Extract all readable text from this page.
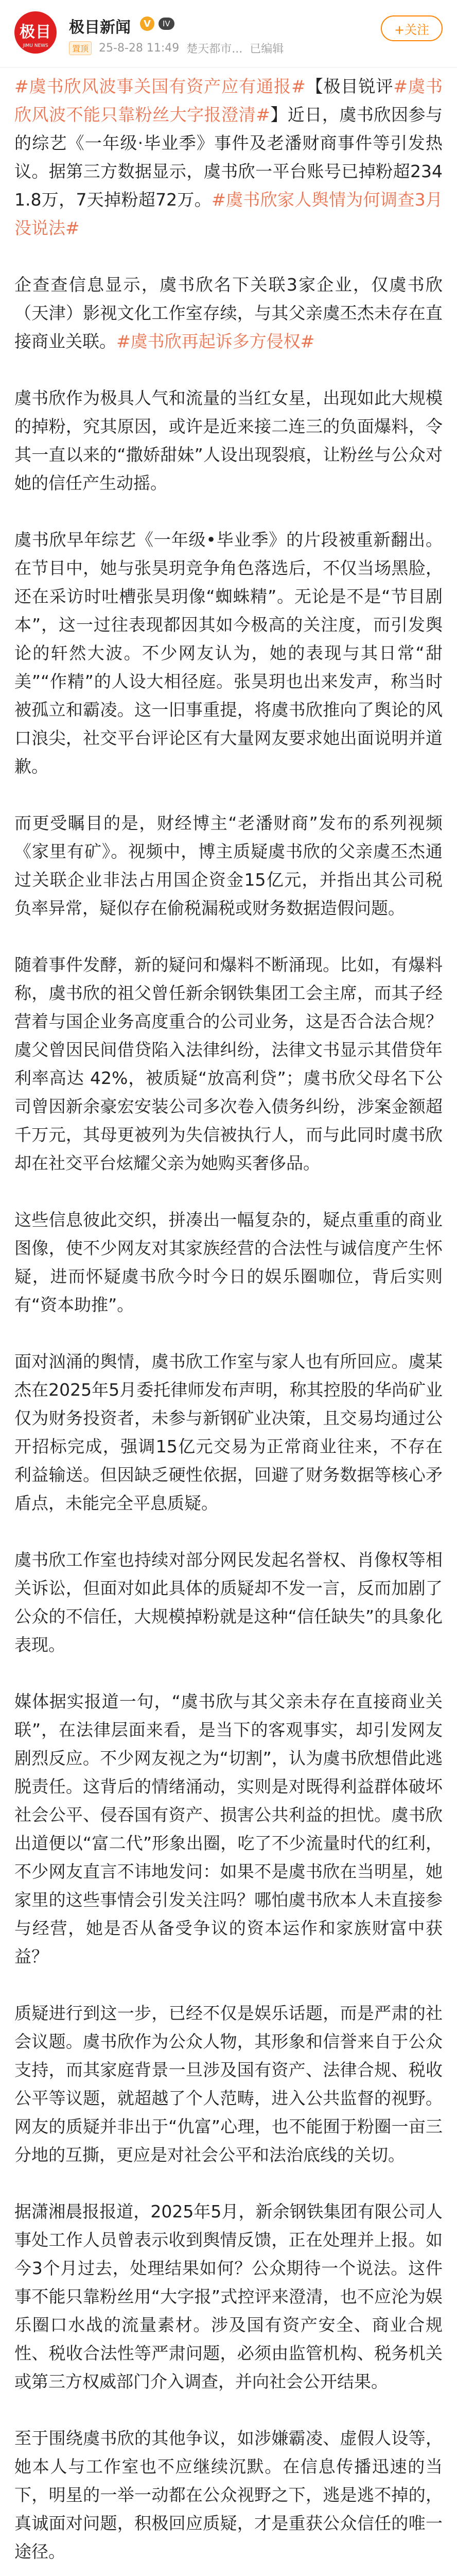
极目
JIMU NEWS
极目新闻	V	IV
置顶 25-8-28 11:49 楚天都市... 已编辑
+关注

#虞书欣风波事关国有资产应有通报#【极目锐评#虞书欣风波不能只靠粉丝大字报澄清#】近日，虞书欣因参与的综艺《一年级·毕业季》事件及老潘财商事件等引发热议。据第三方数据显示，虞书欣一平台账号已掉粉超2341.8万，7天掉粉超72万。#虞书欣家人舆情为何调查3月没说法#

企查查信息显示，虞书欣名下关联3家企业，仅虞书欣（天津）影视文化工作室存续，与其父亲虞丕杰未存在直接商业关联。#虞书欣再起诉多方侵权#

虞书欣作为极具人气和流量的当红女星，出现如此大规模的掉粉，究其原因，或许是近来接二连三的负面爆料，令其一直以来的“撒娇甜妹”人设出现裂痕，让粉丝与公众对她的信任产生动摇。

虞书欣早年综艺《一年级•毕业季》的片段被重新翻出。在节目中，她与张昊玥竞争角色落选后，不仅当场黑脸，还在采访时吐槽张昊玥像“蜘蛛精”。无论是不是“节目剧本”，这一过往表现都因其如今极高的关注度，而引发舆论的轩然大波。不少网友认为，她的表现与其日常“甜美”“作精”的人设大相径庭。张昊玥也出来发声，称当时被孤立和霸凌。这一旧事重提，将虞书欣推向了舆论的风口浪尖，社交平台评论区有大量网友要求她出面说明并道歉。

而更受瞩目的是，财经博主“老潘财商”发布的系列视频《家里有矿》。视频中，博主质疑虞书欣的父亲虞丕杰通过关联企业非法占用国企资金15亿元，并指出其公司税负率异常，疑似存在偷税漏税或财务数据造假问题。

随着事件发酵，新的疑问和爆料不断涌现。比如，有爆料称，虞书欣的祖父曾任新余钢铁集团工会主席，而其子经营着与国企业务高度重合的公司业务，这是否合法合规？虞父曾因民间借贷陷入法律纠纷，法律文书显示其借贷年利率高达 42%，被质疑“放高利贷”；虞书欣父母名下公司曾因新余豪宏安装公司多次卷入债务纠纷，涉案金额超千万元，其母更被列为失信被执行人，而与此同时虞书欣却在社交平台炫耀父亲为她购买奢侈品。

这些信息彼此交织，拼凑出一幅复杂的，疑点重重的商业图像，使不少网友对其家族经营的合法性与诚信度产生怀疑，进而怀疑虞书欣今时今日的娱乐圈咖位，背后实则有“资本助推”。

面对汹涌的舆情，虞书欣工作室与家人也有所回应。虞某杰在2025年5月委托律师发布声明，称其控股的华尚矿业仅为财务投资者，未参与新钢矿业决策，且交易均通过公开招标完成，强调15亿元交易为正常商业往来，不存在利益输送。但因缺乏硬性依据，回避了财务数据等核心矛盾点，未能完全平息质疑。

虞书欣工作室也持续对部分网民发起名誉权、肖像权等相关诉讼，但面对如此具体的质疑却不发一言，反而加剧了公众的不信任，大规模掉粉就是这种“信任缺失”的具象化表现。

媒体据实报道一句，“虞书欣与其父亲未存在直接商业关联”，在法律层面来看，是当下的客观事实，却引发网友剧烈反应。不少网友视之为“切割”，认为虞书欣想借此逃脱责任。这背后的情绪涌动，实则是对既得利益群体破坏社会公平、侵吞国有资产、损害公共利益的担忧。虞书欣出道便以“富二代”形象出圈，吃了不少流量时代的红利，不少网友直言不讳地发问：如果不是虞书欣在当明星，她家里的这些事情会引发关注吗？哪怕虞书欣本人未直接参与经营，她是否从备受争议的资本运作和家族财富中获益？

质疑进行到这一步，已经不仅是娱乐话题，而是严肃的社会议题。虞书欣作为公众人物，其形象和信誉来自于公众支持，而其家庭背景一旦涉及国有资产、法律合规、税收公平等议题，就超越了个人范畴，进入公共监督的视野。网友的质疑并非出于“仇富”心理，也不能囿于粉圈一亩三分地的互撕，更应是对社会公平和法治底线的关切。

据潇湘晨报报道，2025年5月，新余钢铁集团有限公司人事处工作人员曾表示收到舆情反馈，正在处理并上报。如今3个月过去，处理结果如何？公众期待一个说法。这件事不能只靠粉丝用“大字报”式控评来澄清，也不应沦为娱乐圈口水战的流量素材。涉及国有资产安全、商业合规性、税收合法性等严肃问题，必须由监管机构、税务机关或第三方权威部门介入调查，并向社会公开结果。

至于围绕虞书欣的其他争议，如涉嫌霸凌、虚假人设等，她本人与工作室也不应继续沉默。在信息传播迅速的当下，明星的一举一动都在公众视野之下，逃是逃不掉的，真诚面对问题，积极回应质疑，才是重获公众信任的唯一途径。
